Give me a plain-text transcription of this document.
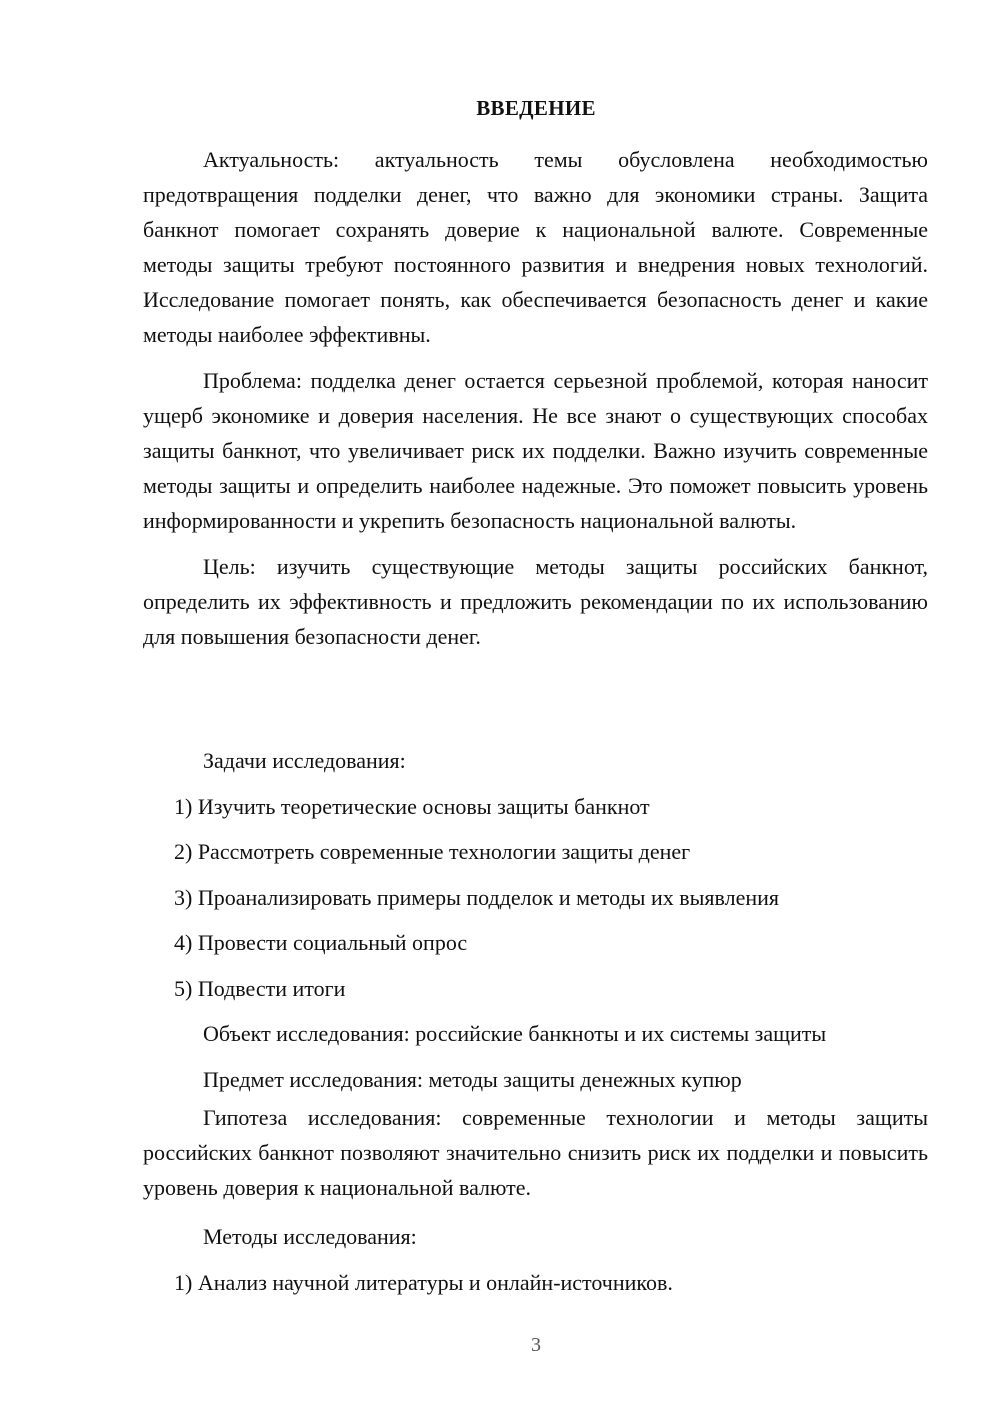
ВВЕДЕНИЕ

Актуальность: актуальность темы обусловлена необходимостью предотвращения подделки денег, что важно для экономики страны. Защита банкнот помогает сохранять доверие к национальной валюте. Современные методы защиты требуют постоянного развития и внедрения новых технологий. Исследование помогает понять, как обеспечивается безопасность денег и какие методы наиболее эффективны.

Проблема: подделка денег остается серьезной проблемой, которая наносит ущерб экономике и доверия населения. Не все знают о существующих способах защиты банкнот, что увеличивает риск их подделки. Важно изучить современные методы защиты и определить наиболее надежные. Это поможет повысить уровень информированности и укрепить безопасность национальной валюты.

Цель: изучить существующие методы защиты российских банкнот, определить их эффективность и предложить рекомендации по их использованию для повышения безопасности денег.

Задачи исследования:

1) Изучить теоретические основы защиты банкнот

2) Рассмотреть современные технологии защиты денег

3) Проанализировать примеры подделок и методы их выявления

4) Провести социальный опрос

5) Подвести итоги

Объект исследования: российские банкноты и их системы защиты

Предмет исследования: методы защиты денежных купюр

Гипотеза исследования: современные технологии и методы защиты российских банкнот позволяют значительно снизить риск их подделки и повысить уровень доверия к национальной валюте.

Методы исследования:

1) Анализ научной литературы и онлайн-источников.

3
